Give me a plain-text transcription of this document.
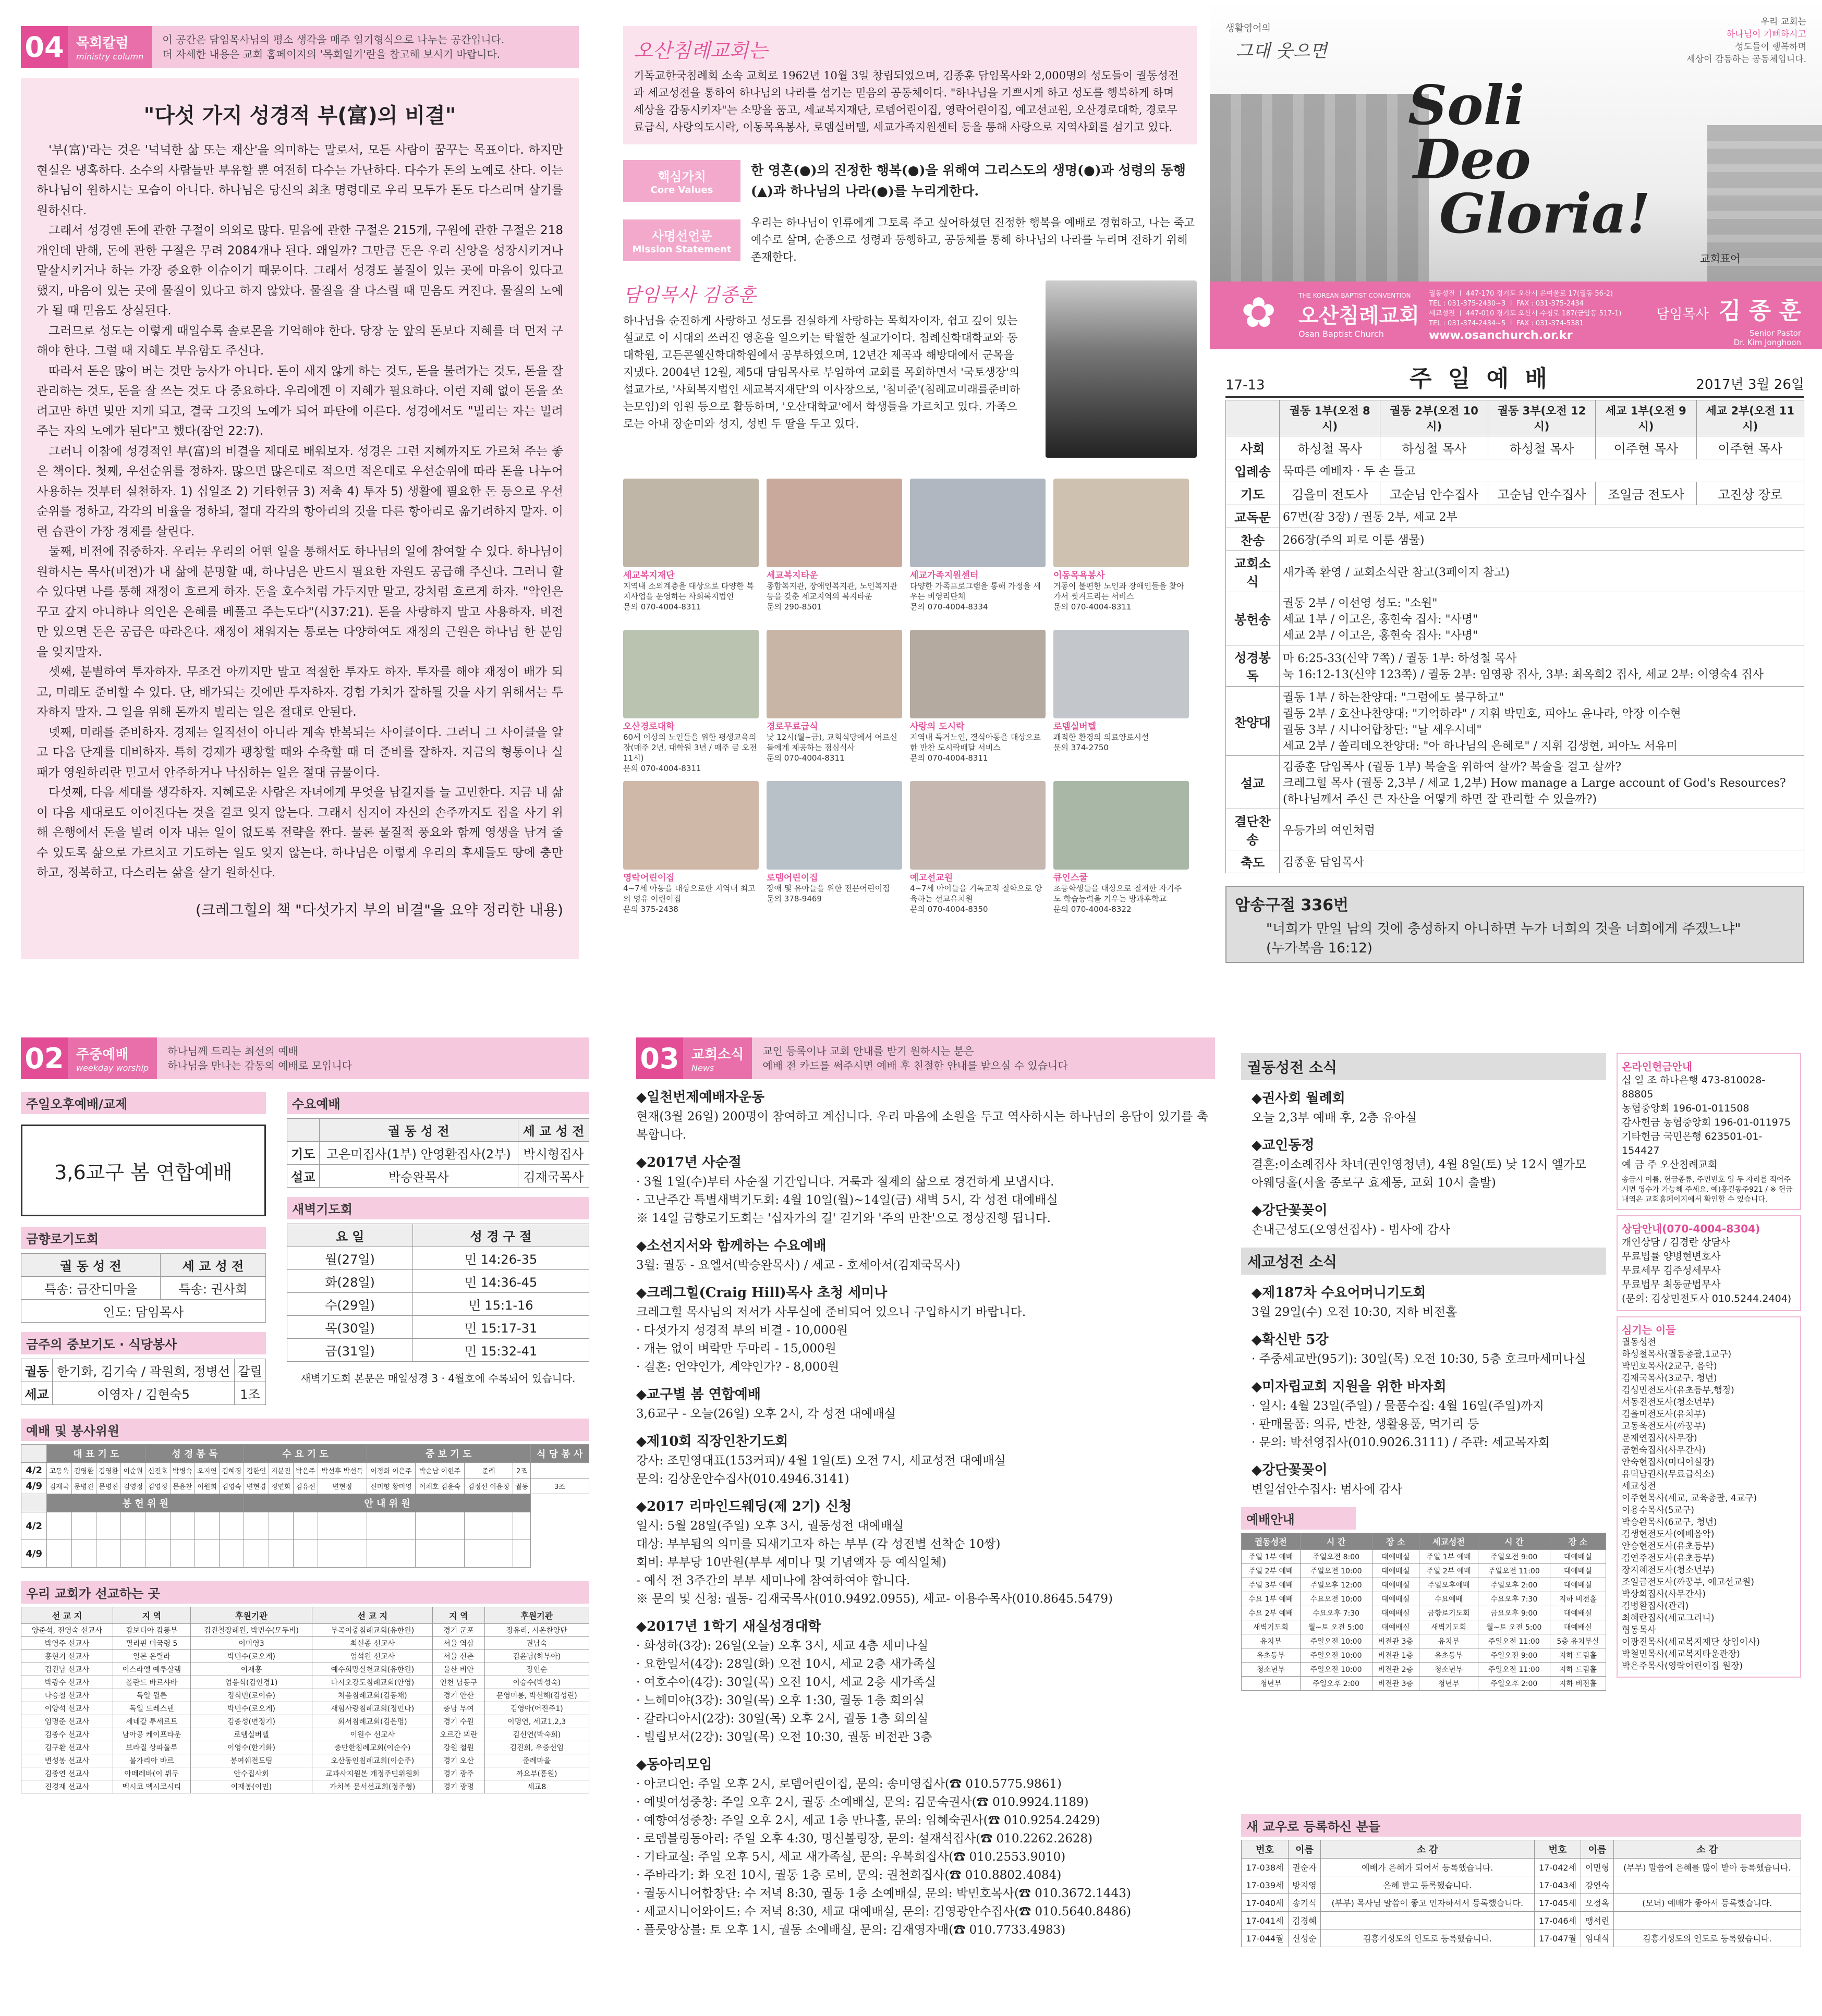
04 목회칼럼
ministry column
이 공간은 담임목사님의 평소 생각을 매주 일기형식으로 나누는 공간입니다.
더 자세한 내용은 교회 홈페이지의 '목회일기'란을 참고해 보시기 바랍니다.
"다섯 가지 성경적 부(富)의 비결"

'부(富)'라는 것은 '넉넉한 삶 또는 재산'을 의미하는 말로서, 모든 사람이 꿈꾸는 목표이다. 하지만 현실은 냉혹하다. 소수의 사람들만 부유할 뿐 여전히 다수는 가난하다. 다수가 돈의 노예로 산다. 이는 하나님이 원하시는 모습이 아니다. 하나님은 당신의 최초 명령대로 우리 모두가 돈도 다스리며 살기를 원하신다.

그래서 성경엔 돈에 관한 구절이 의외로 많다. 믿음에 관한 구절은 215개, 구원에 관한 구절은 218개인데 반해, 돈에 관한 구절은 무려 2084개나 된다. 왜일까? 그만큼 돈은 우리 신앙을 성장시키거나 말살시키거나 하는 가장 중요한 이슈이기 때문이다. 그래서 성경도 물질이 있는 곳에 마음이 있다고 했지, 마음이 있는 곳에 물질이 있다고 하지 않았다. 물질을 잘 다스릴 때 믿음도 커진다. 물질의 노예가 될 때 믿음도 상실된다.

그러므로 성도는 이렇게 때일수록 솔로몬을 기억해야 한다. 당장 눈 앞의 돈보다 지혜를 더 먼저 구해야 한다. 그럴 때 지혜도 부유함도 주신다.

따라서 돈은 많이 버는 것만 능사가 아니다. 돈이 새지 않게 하는 것도, 돈을 불려가는 것도, 돈을 잘 관리하는 것도, 돈을 잘 쓰는 것도 다 중요하다. 우리에겐 이 지혜가 필요하다. 이런 지혜 없이 돈을 쏘려고만 하면 빚만 지게 되고, 결국 그것의 노예가 되어 파탄에 이른다. 성경에서도 "빌리는 자는 빌려주는 자의 노예가 된다"고 했다(잠언 22:7).

그러니 이참에 성경적인 부(富)의 비결을 제대로 배워보자. 성경은 그런 지혜까지도 가르쳐 주는 좋은 책이다. 첫째, 우선순위를 정하자. 많으면 많은대로 적으면 적은대로 우선순위에 따라 돈을 나누어 사용하는 것부터 실천하자. 1) 십일조 2) 기타헌금 3) 저축 4) 투자 5) 생활에 필요한 돈 등으로 우선순위를 정하고, 각각의 비율을 정하되, 절대 각각의 항아리의 것을 다른 항아리로 옮기려하지 말자. 이런 습관이 가장 경제를 살린다.

둘째, 비전에 집중하자. 우리는 우리의 어떤 일을 통해서도 하나님의 일에 참여할 수 있다. 하나님이 원하시는 목사(비전)가 내 삶에 분명할 때, 하나님은 반드시 필요한 자원도 공급해 주신다. 그러니 할 수 있다면 나를 통해 재정이 흐르게 하자. 돈을 호수처럼 가두지만 말고, 강처럼 흐르게 하자. "악인은 꾸고 갚지 아니하나 의인은 은혜를 베풀고 주는도다"(시37:21). 돈을 사랑하지 말고 사용하자. 비전만 있으면 돈은 공급은 따라온다. 재정이 채워지는 통로는 다양하여도 재정의 근원은 하나님 한 분임을 잊지말자.

셋째, 분별하여 투자하자. 무조건 아끼지만 말고 적절한 투자도 하자. 투자를 해야 재정이 배가 되고, 미래도 준비할 수 있다. 단, 배가되는 것에만 투자하자. 경험 가치가 잘하될 것을 사기 위해서는 투자하지 말자. 그 일을 위해 돈까지 빌리는 일은 절대로 안된다.

넷째, 미래를 준비하자. 경제는 일직선이 아니라 계속 반복되는 사이클이다. 그러니 그 사이클을 알고 다음 단계를 대비하자. 특히 경제가 팽창할 때와 수축할 때 더 준비를 잘하자. 지금의 형통이나 실패가 영원하리란 믿고서 안주하거나 낙심하는 일은 절대 금물이다.

다섯째, 다음 세대를 생각하자. 지혜로운 사람은 자녀에게 무엇을 남길지를 늘 고민한다. 지금 내 삶이 다음 세대로도 이어진다는 것을 결코 잊지 않는다. 그래서 심지어 자신의 손주까지도 집을 사기 위해 은행에서 돈을 빌려 이자 내는 일이 없도록 전략을 짠다. 물론 물질적 풍요와 함께 영생을 남겨 줄 수 있도록 삶으로 가르치고 기도하는 일도 잊지 않는다. 하나님은 이렇게 우리의 후세들도 땅에 충만하고, 정복하고, 다스리는 삶을 살기 원하신다.

(크레그힐의 책 "다섯가지 부의 비결"을 요약 정리한 내용)
오산침례교회는
기독교한국침례회 소속 교회로 1962년 10월 3일 창립되었으며, 김종훈 담임목사와 2,000명의 성도들이 궐동성전과 세교성전을 통하여 하나님의 나라를 섬기는 믿음의 공동체이다. "하나님을 기쁘시게 하고 성도를 행복하게 하며 세상을 감동시키자"는 소망을 품고, 세교복지재단, 로템어린이집, 영락어린이집, 예고선교원, 오산경로대학, 경로무료급식, 사랑의도시락, 이동목욕봉사, 로뎀실버텔, 세교가족지원센터 등을 통해 사랑으로 지역사회를 섬기고 있다.
핵심가치
Core Values
한 영혼(●)의 진정한 행복(●)을 위해여 그리스도의 생명(●)과 성령의 동행(▲)과 하나님의 나라(●)를 누리게한다.
사명선언문
Mission Statement
우리는 하나님이 인류에게 그토록 주고 싶어하셨던 진정한 행복을 예배로 경험하고, 나는 죽고 예수로 살며, 순종으로 성령과 동행하고, 공동체를 통해 하나님의 나라를 누리며 전하기 위해 존재한다.
담임목사 김종훈
하나님을 순진하게 사랑하고 성도를 진실하게 사랑하는 목회자이자, 쉽고 깊이 있는 설교로 이 시대의 쓰러진 영혼을 일으키는 탁월한 설교가이다. 침례신학대학교와 동대학원, 고든콘웰신학대학원에서 공부하였으며, 12년간 제곡과 해방대에서 군목을 지냈다. 2004년 12월, 제5대 담임목사로 부임하여 교회를 목회하면서 '국토생장'의 설교가로, '사회복지법인 세교복지재단'의 이사장으로, '침미준'(침례교미래를준비하는모임)의 임원 등으로 활동하며, '오산대학교'에서 학생들을 가르치고 있다. 가족으로는 아내 장순미와 성지, 성빈 두 딸을 두고 있다.
세교복지재단
지역내 소외계층을 대상으로 다양한 복지사업을 운영하는 사회복지법인
문의 070-4004-8311
세교복지타운
종합복지관, 장애인복지관, 노인복지관 등을 갖춘 세교지역의 복지타운
문의 290-8501
세교가족지원센터
다양한 가족프로그램을 통해 가정을 세우는 비영리단체
문의 070-4004-8334
이동목욕봉사
거동이 불편한 노인과 장애인들을 찾아가서 씻겨드리는 서비스
문의 070-4004-8311
오산경로대학
60세 이상의 노인들을 위한 평생교육의 장(매주 2년, 대학원 3년 / 매주 금 오전 11시)
문의 070-4004-8311
경로무료급식
낮 12시(월~금), 교회식당에서 어르신들에게 제공하는 점심식사
문의 070-4004-8311
사랑의 도시락
지역내 독거노인, 결식아동을 대상으로 한 반찬 도시락배달 서비스
문의 070-4004-8311
로뎀실버텔
쾌적한 환경의 의료양로시설
문의 374-2750
영락어린이집
4~7세 아동을 대상으로한 지역내 최고의 영유 어린이집
문의 375-2438
로뎀어린이집
장애 및 유아들을 위한 전문어린이집
문의 378-9469
예고선교원
4~7세 아이들을 기독교적 철학으로 양육하는 선교유치원
문의 070-4004-8350
큐인스쿨
초등학생들을 대상으로 철저한 자기주도 학습능력을 키우는 방과후학교
문의 070-4004-8322
생활영어의
그대 웃으면
우리 교회는
하나님이 기뻐하시고
성도들이 행복하며
세상이 감동하는 공동체입니다.
Soli
Deo
Gloria!
교회표어
✿	THE KOREAN BAPTIST CONVENTION
오산침례교회
Osan Baptist Church
궐동성전 ㅣ 447-170 경기도 오산시 은여울로 17(궐동 56-2)
TEL : 031-375-2430~3 ㅣ FAX : 031-375-2434
세교성전 ㅣ 447-010 경기도 오산시 수청로 187(금암동 517-1)
TEL : 031-374-2434~5 ㅣ FAX : 031-374-5381
www.osanchurch.or.kr
담임목사 김 종 훈
Senior Pastor
Dr. Kim Jonghoon
17-13	주 일 예 배	2017년 3월 26일
	궐동 1부(오전 8시)	궐동 2부(오전 10시)	궐동 3부(오전 12시)	세교 1부(오전 9시)	세교 2부(오전 11시)
사회	하성철 목사	하성철 목사	하성철 목사	이주현 목사	이주현 목사
입례송	묵따른 예배자 · 두 손 들고				

기도	김을미 전도사	고순님 안수집사	고순님 안수집사	조일금 전도사	고진상 장로
교독문	67번(잠 3장) / 궐동 2부, 세교 2부				

찬송	266장(주의 피로 이룬 샘물)				

교회소식	새가족 환영 / 교회소식란 참고(3페이지 참고)				

봉헌송	궐동 2부 / 이선영 성도: "소원"
세교 1부 / 이고은, 홍현숙 집사: "사명"
세교 2부 / 이고은, 홍현숙 집사: "사명"				

성경봉독	마 6:25-33(신약 7쪽) / 궐동 1부: 하성철 목사
눅 16:12-13(신약 123쪽) / 궐동 2부: 임영광 집사, 3부: 최옥희2 집사, 세교 2부: 이영숙4 집사				

찬양대	궐동 1부 / 하는찬양대: "그럼에도 불구하고"
궐동 2부 / 호산나찬양대: "기억하라" / 지휘 박민호, 피아노 윤나라, 악장 이수현
궐동 3부 / 시냐어합창단: "날 세우시네"
세교 2부 / 쏠리데오찬양대: "아 하나님의 은혜로" / 지휘 김생현, 피아노 서유미				

설교	김종훈 담임목사 (궐동 1부) 복술을 위하여 살까? 복술을 걸고 살까?
크레그힐 목사 (궐동 2,3부 / 세교 1,2부) How manage a Large account of God's Resources? (하나님께서 주신 큰 자산을 어떻게 하면 잘 관리할 수 있을까?)				

결단찬송	우등가의 여인처럼				

축도	김종훈 담임목사				
암송구절 336번
"너희가 만일 남의 것에 충성하지 아니하면 누가 너희의 것을 너희에게 주겠느냐"
(누가복음 16:12)
02 주중예배
weekday worship
하나님께 드리는 최선의 예배
하나님을 만나는 감동의 예배로 모입니다
주일오후예배/교제
3,6교구 봄 연합예배
금향로기도회
궐 동 성 전	세 교 성 전
특송: 금잔디마을	특송: 권사회
인도: 담임목사	
금주의 중보기도 · 식당봉사
궐동	한기화, 김기숙 / 곽원희, 정병선	갈릴
세교	이영자 / 김현숙5	1조
수요예배
	궐 동 성 전	세 교 성 전
기도	고은미집사(1부) 안영환집사(2부)	박시형집사
설교	박승완목사	김재국목사
새벽기도회
요 일	성 경 구 절
월(27일)	민 14:26-35
화(28일)	민 14:36-45
수(29일)	민 15:1-16
목(30일)	민 15:17-31
금(31일)	민 15:32-41
새벽기도회 본문은 매일성경 3 · 4월호에 수록되어 있습니다.
예배 및 봉사위원
	대 표 기 도				성 경 봉 독				수 요 기 도				중 보 기 도				식 당 봉 사
4/2	고동욱	김영환	김영환	이순원	신진호	박병숙	오지연	김혜경	김한인	지분진	박은주	박선후 박선득	이정희 이은주	박순남 이현주	준례	2조	
4/9	김재국	문병진	문병진	김영정	김영정	문윤찬	이원희	김영숙	변현경	정연화	김유선	변현정	신미향 황미영	이채호 김윤숙	김정선 이윤정	궐동	3조
	봉 헌 위 원								안 내 위 원								
4/2																	
4/9																	
우리 교회가 선교하는 곳
선 교 지	지 역	후원기관	선 교 지	지 역	후원기관
양준석, 전영숙 선교사	캄보디아 캄퐁부	김진철장례원, 박민수(모두비)	부곡이중침례교회(유한원)	경기 군포	장유리, 시온찬양단
박영주 선교사	필리핀 미국령 5	이미영3	최선종 선교사	서울 역삼	권남숙
홍현기 선교사	일본 온릴라	박민수(로오게)	엄석원 선교사	서울 신촌	김윤남(하부아)
김진남 선교사	이스라엘 예루살렘	이재홍	예수희망실천교회(유한원)	울산 비안	장언순
박광수 선교사	폴란드 바르샤바	엄응식(김인경1)	다시오강도침례교회(안영)	인천 남동구	이승수(박성숙)
나승철 선교사	독일 뮐른	정식민(로이슈)	처음침례교회(김동채)	경기 안산	문영미롱, 박선해(김성린)
이양석 선교사	독일 드레스덴	박민수(로오게)	새힘사랑침례교회(정민나)	충남 부여	김영아(어진주1)
임명준 선교사	세네갈 투세르트	김종성(면정기)	회서침례교회(김은명)	경기 수원	이명연, 세교1,2,3
김종수 선교사	남아공 케이프타운	로뎀실버텔	이원수 선교사	오르간 뫼란	김신연(박숙희)
김구환 선교사	브라질 상파울루	이영수(한기화)	충만한침례교회(이순수)	강원 철원	김진희, 우중선임
변성봉 선교사	불가리아 바르	봉여쉐전도팀	오산동인침례교회(이순주)	경기 오산	준례마을
김종연 선교사	아메레바(이 뷔무	안수집사회	교과사지원본 개정주민위원회	경기 광주	까요부(흥원)
진경재 선교사	멕시코 멕시코시티	이재봉(이민)	가치복 문서선교회(정주형)	경기 광명	세교8
03 교회소식
News
교인 등록이나 교회 안내를 받기 원하시는 분은
예배 전 카드를 써주시면 예배 후 친절한 안내를 받으실 수 있습니다
◆일천번제예배자운동

현재(3월 26일) 200명이 참여하고 계십니다. 우리 마음에 소원을 두고 역사하시는 하나님의 응답이 있기를 축복합니다.

◆2017년 사순절

· 3월 1일(수)부터 사순절 기간입니다. 거룩과 절제의 삶으로 경건하게 보냅시다.

· 고난주간 특별새벽기도회: 4월 10일(월)~14일(금) 새벽 5시, 각 성전 대예배실

※ 14일 금향로기도회는 '십자가의 길' 걷기와 '주의 만찬'으로 정상진행 됩니다.

◆소선지서와 함께하는 수요예배

3월: 궐동 - 요엘서(박승완목사) / 세교 - 호세아서(김재국목사)

◆크레그힐(Craig Hill)목사 초청 세미나

크레그힐 목사님의 저서가 사무실에 준비되어 있으니 구입하시기 바랍니다.

· 다섯가지 성경적 부의 비결 - 10,000원

· 개는 없이 벼락만 두마리 - 15,000원

· 결혼: 언약인가, 계약인가? - 8,000원

◆교구별 봄 연합예배

3,6교구 - 오늘(26일) 오후 2시, 각 성전 대예배실

◆제10회 직장인찬기도회

강사: 조민영대표(153커피)/ 4월 1일(토) 오전 7시, 세교성전 대예배실

문의: 김상운안수집사(010.4946.3141)

◆2017 리마인드웨딩(제 2기) 신청

일시: 5월 28일(주일) 오후 3시, 궐동성전 대예배실

대상: 부부됨의 의미를 되새기고자 하는 부부 (각 성전별 선착순 10쌍)

회비: 부부당 10만원(부부 세미나 및 기념액자 등 예식일체)

- 예식 전 3주간의 부부 세미나에 참여하여야 합니다.

※ 문의 및 신청: 궐동- 김재국목사(010.9492.0955), 세교- 이용수목사(010.8645.5479)

◆2017년 1학기 새실성경대학

· 화성하(3강): 26일(오늘) 오후 3시, 세교 4층 세미나실

· 요한일서(4강): 28일(화) 오전 10시, 세교 2층 새가족실

· 여호수아(4강): 30일(목) 오전 10시, 세교 2층 새가족실

· 느헤미야(3강): 30일(목) 오후 1:30, 궐동 1층 회의실

· 갈라디아서(2강): 30일(목) 오후 2시, 궐동 1층 회의실

· 빌립보서(2강): 30일(목) 오전 10:30, 궐동 비전관 3층

◆동아리모임

· 아코디언: 주일 오후 2시, 로뎀어린이집, 문의: 송미영집사(☎ 010.5775.9861)

· 예빛여성중창: 주일 오후 2시, 궐동 소예배실, 문의: 김문숙권사(☎ 010.9924.1189)

· 예향여성중창: 주일 오후 2시, 세교 1층 만나홀, 문의: 임혜숙권사(☎ 010.9254.2429)

· 로뎀블링동아리: 주일 오후 4:30, 명신볼링장, 문의: 설재석집사(☎ 010.2262.2628)

· 기타교실: 주일 오후 5시, 세교 새가족실, 문의: 우복희집사(☎ 010.2553.9010)

· 주바라기: 화 오전 10시, 궐동 1층 로비, 문의: 권천희집사(☎ 010.8802.4084)

· 궐동시니어합창단: 수 저녁 8:30, 궐동 1층 소예배실, 문의: 박민호목사(☎ 010.3672.1443)

· 세교시니어와이드: 수 저녁 8:30, 세교 대예배실, 문의: 김영광안수집사(☎ 010.5640.8486)

· 플룻앙상블: 토 오후 1시, 궐동 소예배실, 문의: 김재영자매(☎ 010.7733.4983)

궐동성전 소식
◆권사회 월례회

오늘 2,3부 예배 후, 2층 유아실

◆교인동정

결혼:이소례집사 차녀(권인영청년), 4월 8일(토) 낮 12시 엘가모아웨딩홀(서울 종로구 효제동, 교회 10시 출발)

◆강단꽃꽂이

손내근성도(오영선집사) - 범사에 감사

세교성전 소식
◆제187차 수요어머니기도회

3월 29일(수) 오전 10:30, 지하 비전홀

◆확신반 5강

· 주중세교반(95기): 30일(목) 오전 10:30, 5층 호크마세미나실

◆미자립교회 지원을 위한 바자회

· 일시: 4월 23일(주일) / 물품수집: 4월 16일(주일)까지

· 판매물품: 의류, 반찬, 생활용품, 먹거리 등

· 문의: 박선영집사(010.9026.3111) / 주관: 세교목자회

◆강단꽃꽂이

변일섭안수집사: 범사에 감사

예배안내
궐동성전	시 간	장 소	세교성전	시 간	장 소
주일 1부 예배	주일오전 8:00	대예배실	주일 1부 예배	주일오전 9:00	대예배실
주일 2부 예배	주일오전 10:00	대예배실	주일 2부 예배	주일오전 11:00	대예배실
주일 3부 예배	주일오후 12:00	대예배실	주일오후예배	주일오후 2:00	대예배실
수요 1부 예배	수요오전 10:00	대예배실	수요예배	수요오후 7:30	지하 비전홀
수요 2부 예배	수요오후 7:30	대예배실	금향로기도회	금요오후 9:00	대예배실
새벽기도회	월~토 오전 5:00	대예배실	새벽기도회	월~토 오전 5:00	대예배실
유치부	주일오전 10:00	비전관 3층	유치부	주일오전 11:00	5층 유치부실
유초등부	주일오전 10:00	비전관 1층	유초등부	주일오전 9:00	지하 드림홀
청소년부	주일오전 10:00	비전관 2층	청소년부	주일오전 11:00	지하 드림홀
청년부	주일오후 2:00	비전관 3층	청년부	주일오후 2:00	지하 비전홀
온라인헌금안내
십 일 조 하나은행 473-810028-88805
농협중앙회 196-01-011508
감사헌금 농협중앙회 196-01-011975
기타헌금 국민은행 623501-01-154427
예 금 주 오산침례교회
송금시 이름, 헌금종류, 주민번호 입 두 자리를 적어주시면 영수가 가능해 주세요. 예)홍길동주921 / ※ 헌금내역은 교회홈페이지에서 확인할 수 있습니다.
상담안내(070-4004-8304)
개인상담 / 김경란 상담사
무료법률 양병현변호사
무료세무 김주성세무사
무료법무 최동균법무사
(문의: 김상민전도사 010.5244.2404)
심기는 이들
궐동성전
하성철목사(궐동총괄,1교구)
박민호목사(2교구, 음악)
김재국목사(3교구, 청년)
김성민전도사(유초등부,행정)
서동진전도사(청소년부)
김을미전도사(유치부)
고동욱전도사(까꿍부)
문재연집사(사무장)
공현숙집사(사무간사)
안숙현집사(미디어실장)
유덕남권사(무료급식소)
세교성전
이주현목사(세교, 교육총괄, 4교구)
이용수목사(5교구)
박승완목사(6교구, 청년)
김생현전도사(예배음악)
안승현전도사(유초등부)
김연주전도사(유초등부)
장지혜전도사(청소년부)
조일금전도사(까꿍부, 예고선교원)
박상희집사(사무간사)
김병환집사(관리)
최혜란집사(세교그리니)
협동목사
이광진목사(세교복지재단 상임이사)
박철민목사(세교복지타운관장)
박은주목사(영락어린이집 원장)
새 교우로 등록하신 분들
번호	이름	소 감	번호	이름	소 감
17-038세	권순자	예배가 은혜가 되어서 등록했습니다.	17-042세	이민형	(부부) 말씀에 은혜를 많이 받아 등록했습니다.
17-039세	방지영	은혜 받고 등록했습니다.	17-043세	강연숙	
17-040세	송기식	(부부) 목사님 말씀이 좋고 인자하셔서 등록했습니다.	17-045세	오정옥	(모녀) 예배가 좋아서 등록했습니다.
17-041세	김경혜		17-046세	맹서린	
17-044궐	신성순	김홍기성도의 인도로 등록했습니다.	17-047궐	임대식	김홍기성도의 인도로 등록했습니다.
